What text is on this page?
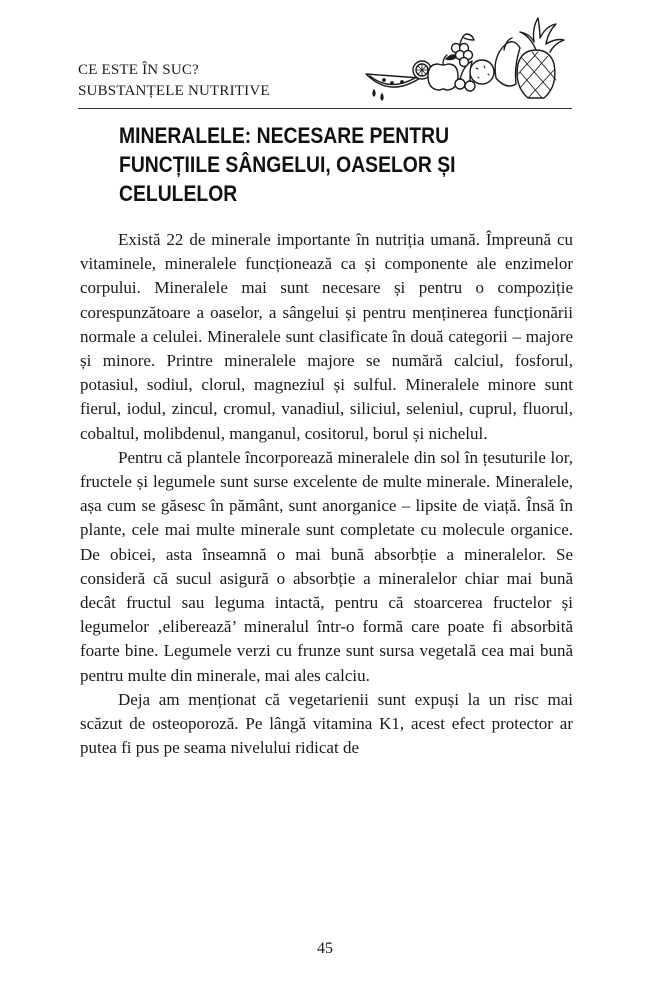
CE ESTE ÎN SUC?
SUBSTANȚELE NUTRITIVE
MINERALELE: NECESARE PENTRU FUNCȚIILE SÂNGELUI, OASELOR ȘI CELULELOR

Există 22 de minerale importante în nutriția umană. Împreună cu vitaminele, mineralele funcționează ca și componente ale enzimelor corpului. Mineralele mai sunt necesare și pentru o compoziție corespunzătoare a oaselor, a sângelui și pentru menținerea funcționării normale a celulei. Mineralele sunt clasificate în două categorii – majore și minore. Printre mineralele majore se numără calciul, fosforul, potasiul, sodiul, clorul, magneziul și sulful. Mineralele minore sunt fierul, iodul, zincul, cromul, vanadiul, siliciul, seleniul, cuprul, fluorul, cobaltul, molibdenul, manganul, cositorul, borul și nichelul.

Pentru că plantele încorporează mineralele din sol în țesuturile lor, fructele și legumele sunt surse excelente de multe minerale. Mineralele, așa cum se găsesc în pământ, sunt anorganice – lipsite de viață. Însă în plante, cele mai multe minerale sunt completate cu molecule organice. De obicei, asta înseamnă o mai bună absorbție a mineralelor. Se consideră că sucul asigură o absorbție a mineralelor chiar mai bună decât fructul sau leguma intactă, pentru că stoarcerea fructelor și legumelor ‚eliberează’ mineralul într-o formă care poate fi absorbită foarte bine. Legumele verzi cu frunze sunt sursa vegetală cea mai bună pentru multe din minerale, mai ales calciu.

Deja am menționat că vegetarienii sunt expuși la un risc mai scăzut de osteoporoză. Pe lângă vitamina K1, acest efect protector ar putea fi pus pe seama nivelului ridicat de

45
